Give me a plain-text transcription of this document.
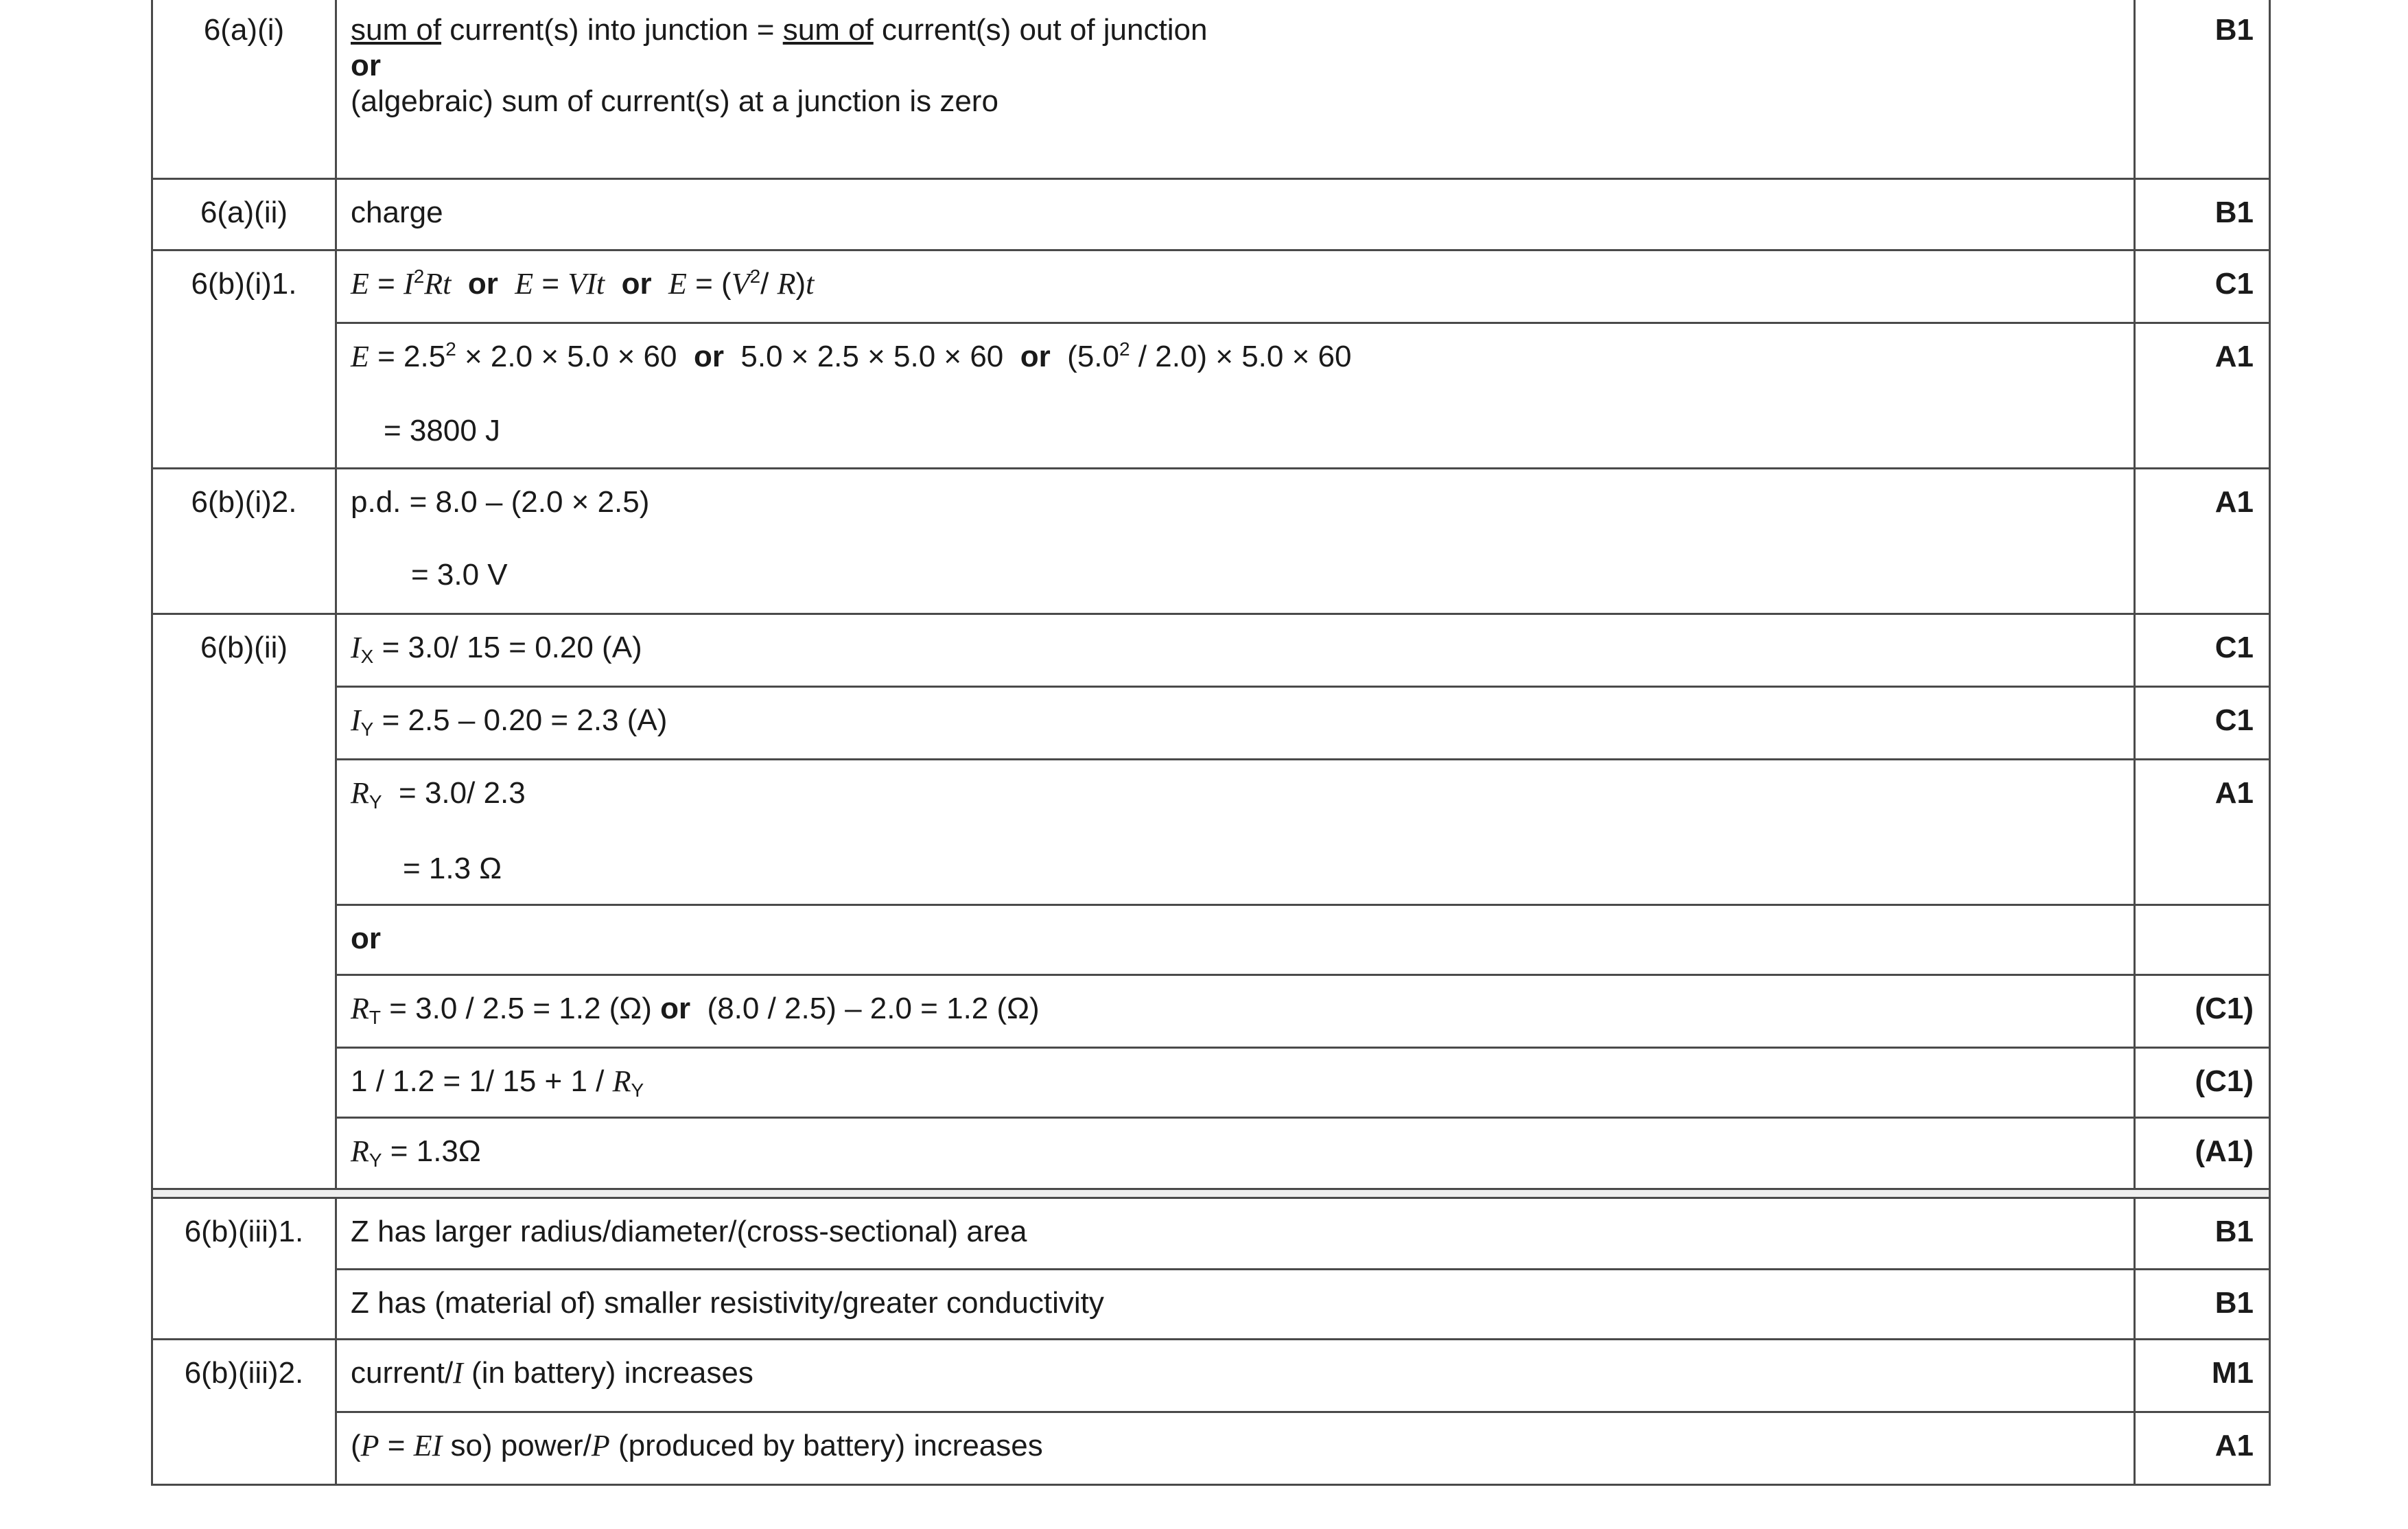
6(a)(i)	sum of current(s) into junction = sum of current(s) out of junction
or
(algebraic) sum of current(s) at a junction is zero	B1

6(a)(ii)	charge	B1

6(b)(i)1.	$E = I^2Rt$ or E = VIt or $E = (V^2/$ R)t	C1

	$E = 2.5^2 \times 2.0 \times 5.0 \times 60$  or  5.0 × 2.5 × 5.0 × 60  or  $(5.0^2 / 2.0) \times 5.0 \times 60$
= 3800 J	A1

6(b)(i)2.	p.d. = 8.0 – (2.0 × 2.5)
= 3.0 V	A1

6(b)(ii)	$I_X = 3.0/$ 15 = 0.20 (A)	C1

	$I_Y = 2.5 - 0.20 = 2.3$ (A)	C1

	$R_Y = 3.0/$ 2.3
= 1.3 Ω	A1

	or	

	$R_T = 3.0 / 2.5 = 1.2$ (Ω) or  (8.0 / 2.5) – 2.0 = 1.2 (Ω)	(C1)

	1 / 1.2 = 1/ $15 + 1 / R_Y$	(C1)

	$R_Y = 1.3\Omega$	(A1)

6(b)(iii)1.	Z has larger radius/diameter/(cross-sectional) area	B1

	Z has (material of) smaller resistivity/greater conductivity	B1

6(b)(iii)2.	current/I (in battery) increases	M1

	(P = EI so) power/P (produced by battery) increases	A1
